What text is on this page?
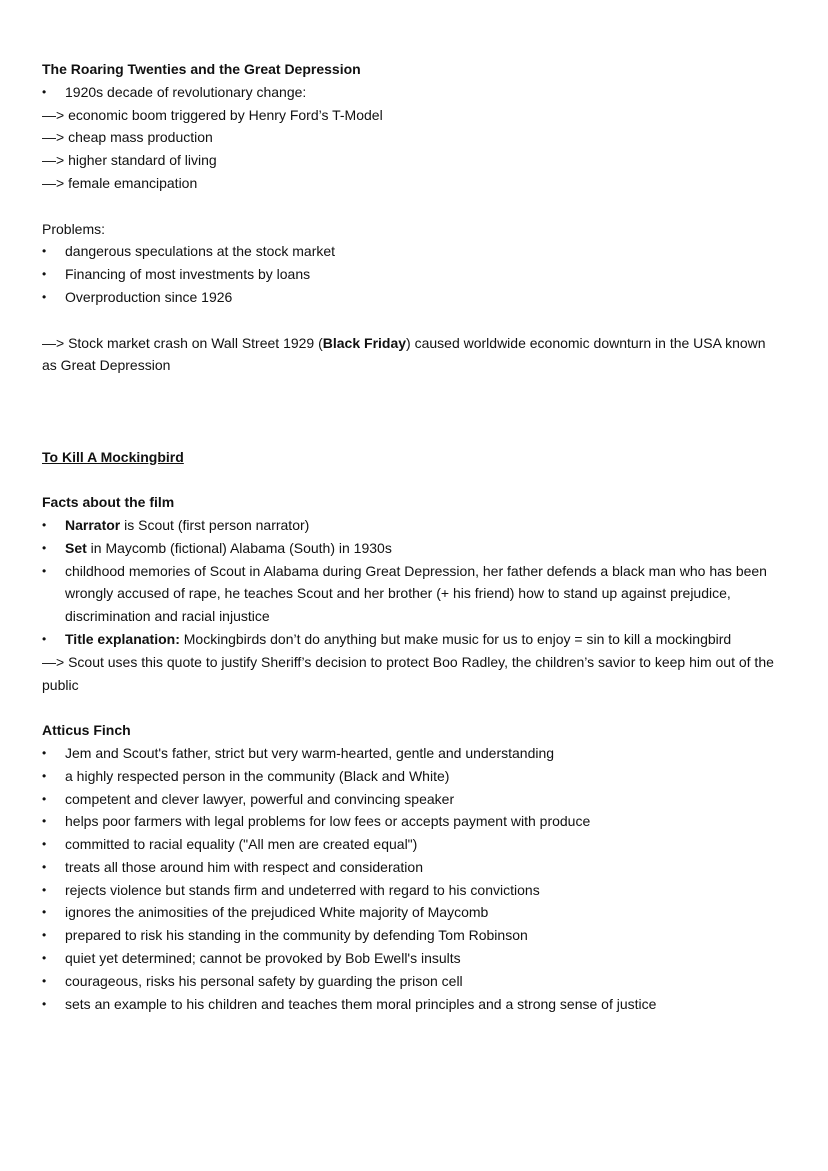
The Roaring Twenties and the Great Depression
•	1920s decade of revolutionary change:
—> economic boom triggered by Henry Ford’s T-Model
—> cheap mass production
—> higher standard of living
—> female emancipation
Problems:
•	dangerous speculations at the stock market
•	Financing of most investments by loans
•	Overproduction since 1926
—> Stock market crash on Wall Street 1929 (Black Friday) caused worldwide economic downturn in the USA known as Great Depression
To Kill A Mockingbird
Facts about the film
•	Narrator is Scout (first person narrator)
•	Set in Maycomb (fictional) Alabama (South) in 1930s
•	childhood memories of Scout in Alabama during Great Depression, her father defends a black man who has been wrongly accused of rape, he teaches Scout and her brother (+ his friend) how to stand up against prejudice, discrimination and racial injustice
•	Title explanation: Mockingbirds don’t do anything but make music for us to enjoy = sin to kill a mockingbird
—> Scout uses this quote to justify Sheriff’s decision to protect Boo Radley, the children’s savior to keep him out of the public
Atticus Finch
•	Jem and Scout's father, strict but very warm-hearted, gentle and understanding
•	a highly respected person in the community (Black and White)
•	competent and clever lawyer, powerful and convincing speaker
•	helps poor farmers with legal problems for low fees or accepts payment with produce
•	committed to racial equality ("All men are created equal")
•	treats all those around him with respect and consideration
•	rejects violence but stands firm and undeterred with regard to his convictions
•	ignores the animosities of the prejudiced White majority of Maycomb
•	prepared to risk his standing in the community by defending Tom Robinson
•	quiet yet determined; cannot be provoked by Bob Ewell's insults
•	courageous, risks his personal safety by guarding the prison cell
•	sets an example to his children and teaches them moral principles and a strong sense of justice
